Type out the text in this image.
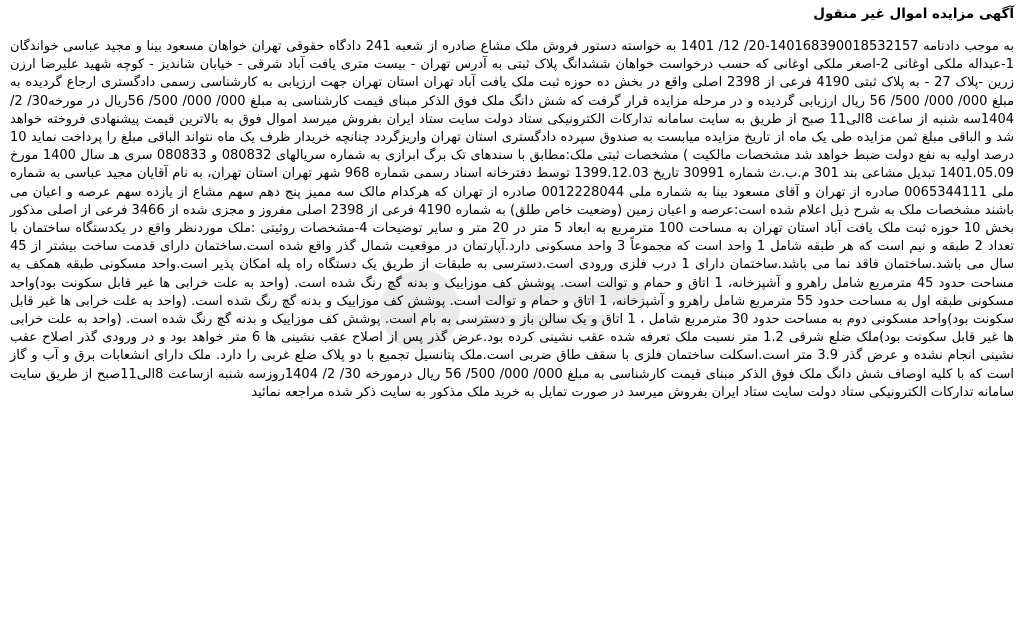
آگهی مزایده اموال غیر منقول

به موجب دادنامه 140168390018532157-20/ 12/ 1401 به خواسته دستور فروش ملک مشاع صادره از شعبه 241 دادگاه حقوقی تهران خواهان مسعود بینا و مجید عباسی خواندگان 1-عبداله ملکی اوغانی 2-اصغر ملکی اوغانی که حسب درخواست خواهان ششدانگ پلاک ثبتی به آدرس تهران - بیست متری یافت آباد شرقی - خیابان شاندیز - کوچه شهید علیرضا ارزن زرین -پلاک 27 - به پلاک ثبتی 4190 فرعی از 2398 اصلی واقع در بخش ده حوزه ثبت ملک یافت آباد تهران استان تهران جهت ارزیابی به کارشناسی رسمی دادگستری ارجاع گردیده به مبلغ 000/ 000/ 500/ 56 ریال ارزیابی گردیده و در مرحله مزایده قرار گرفت که شش دانگ ملک فوق الذکر مبنای قیمت کارشناسی به مبلغ 000/ 000/ 500/ 56ریال در مورخه30/ 2/ 1404سه شنبه از ساعت 8الی11 صبح از طریق به سایت سامانه تدارکات الکترونیکی ستاد دولت سایت ستاد ایران بفروش میرسد اموال فوق به بالاترین قیمت پیشنهادی فروخته خواهد شد و الباقی مبلغ ثمن مزایده طی یک ماه از تاریخ مزایده میابست به صندوق سپرده دادگستری استان تهران واریزگردد چنانچه خریدار ظرف یک ماه نتواند الباقی مبلغ را پرداخت نماید 10 درصد اولیه به نفع دولت ضبط خواهد شد مشخصات مالکیت ) مشخصات ثبتی ملک:مطابق با سندهای تک برگ ابرازی به شماره سریالهای 080832 و 080833 سری هـ سال 1400 مورخ 1401.05.09 تبدیل مشاعی بند 301 م.ب.ث شماره 30991 تاریخ 1399.12.03 توسط دفترخانه اسناد رسمی شماره 968 شهر تهران استان تهران، به نام آقایان مجید عباسی به شماره ملی 0065344111 صادره از تهران و آقای مسعود بینا به شماره ملی 0012228044 صادره از تهران که هرکدام مالک سه ممیز پنج دهم سهم مشاع از یازده سهم عرصه و اعیان می باشند مشخصات ملک به شرح ذیل اعلام شده است:عرصه و اعیان زمین (وضعیت خاص طلق) به شماره 4190 فرعی از 2398 اصلی مفروز و مجزی شده از 3466 فرعی از اصلی مذکور بخش 10 حوزه ثبت ملک یافت آباد استان تهران به مساحت 100 مترمربع به ابعاد 5 متر در 20 متر و سایر توضیحات 4-مشخصات روئیتی :ملک موردنظر واقع در یکدستگاه ساختمان با تعداد 2 طبقه و نیم است که هر طبقه شامل 1 واحد است که مجموعاً 3 واحد مسکونی دارد.آپارتمان در موقعیت شمال گذر واقع شده است.ساختمان دارای قدمت ساخت بیشتر از 45 سال می باشد.ساختمان فاقد نما می باشد.ساختمان دارای 1 درب فلزی ورودی است.دسترسی به طبقات از طریق یک دستگاه راه پله امکان پذیر است.واحد مسکونی طبقه همکف به مساحت حدود 45 مترمربع شامل راهرو و آشپزخانه، 1 اتاق و حمام و توالت است. پوشش کف موزاییک و بدنه گچ رنگ شده است. (واحد به علت خرابی ها غیر قابل سکونت بود)واحد مسکونی طبقه اول به مساحت حدود 55 مترمربع شامل راهرو و آشپزخانه، 1 اتاق و حمام و توالت است. پوشش کف موزاییک و بدنه گچ رنگ شده است. (واحد به علت خرابی ها غیر قابل سکونت بود)واحد مسکونی دوم به مساحت حدود 30 مترمربع شامل ، 1 اتاق و یک سالن باز و دسترسی به بام است. پوشش کف موزاییک و بدنه گچ رنگ شده است. (واحد به علت خرابی ها غیر قابل سکونت بود)ملک ضلع شرقی 1.2 متر نسبت ملک تعرفه شده عقب نشینی کرده بود.عرض گذر پس از اصلاح عقب نشینی ها 6 متر خواهد بود و در ورودی گذر اصلاح عقب نشینی انجام نشده و عرض گذر 3.9 متر است.اسکلت ساختمان فلزی با سقف طاق ضربی است.ملک پتانسیل تجمیع با دو پلاک ضلع غربی را دارد. ملک دارای انشعابات برق و آب و گاز است که با کلیه اوصاف شش دانگ ملک فوق الذکر مبنای قیمت کارشناسی به مبلغ 000/ 000/ 500/ 56 ریال درمورخه 30/ 2/ 1404روزسه شنبه ازساعت 8الی11صبح از طریق سایت سامانه تدارکات الکترونیکی ستاد دولت سایت ستاد ایران بفروش میرسد در صورت تمایل به خرید ملک مذکور به سایت ذکر شده مراجعه نمائید
